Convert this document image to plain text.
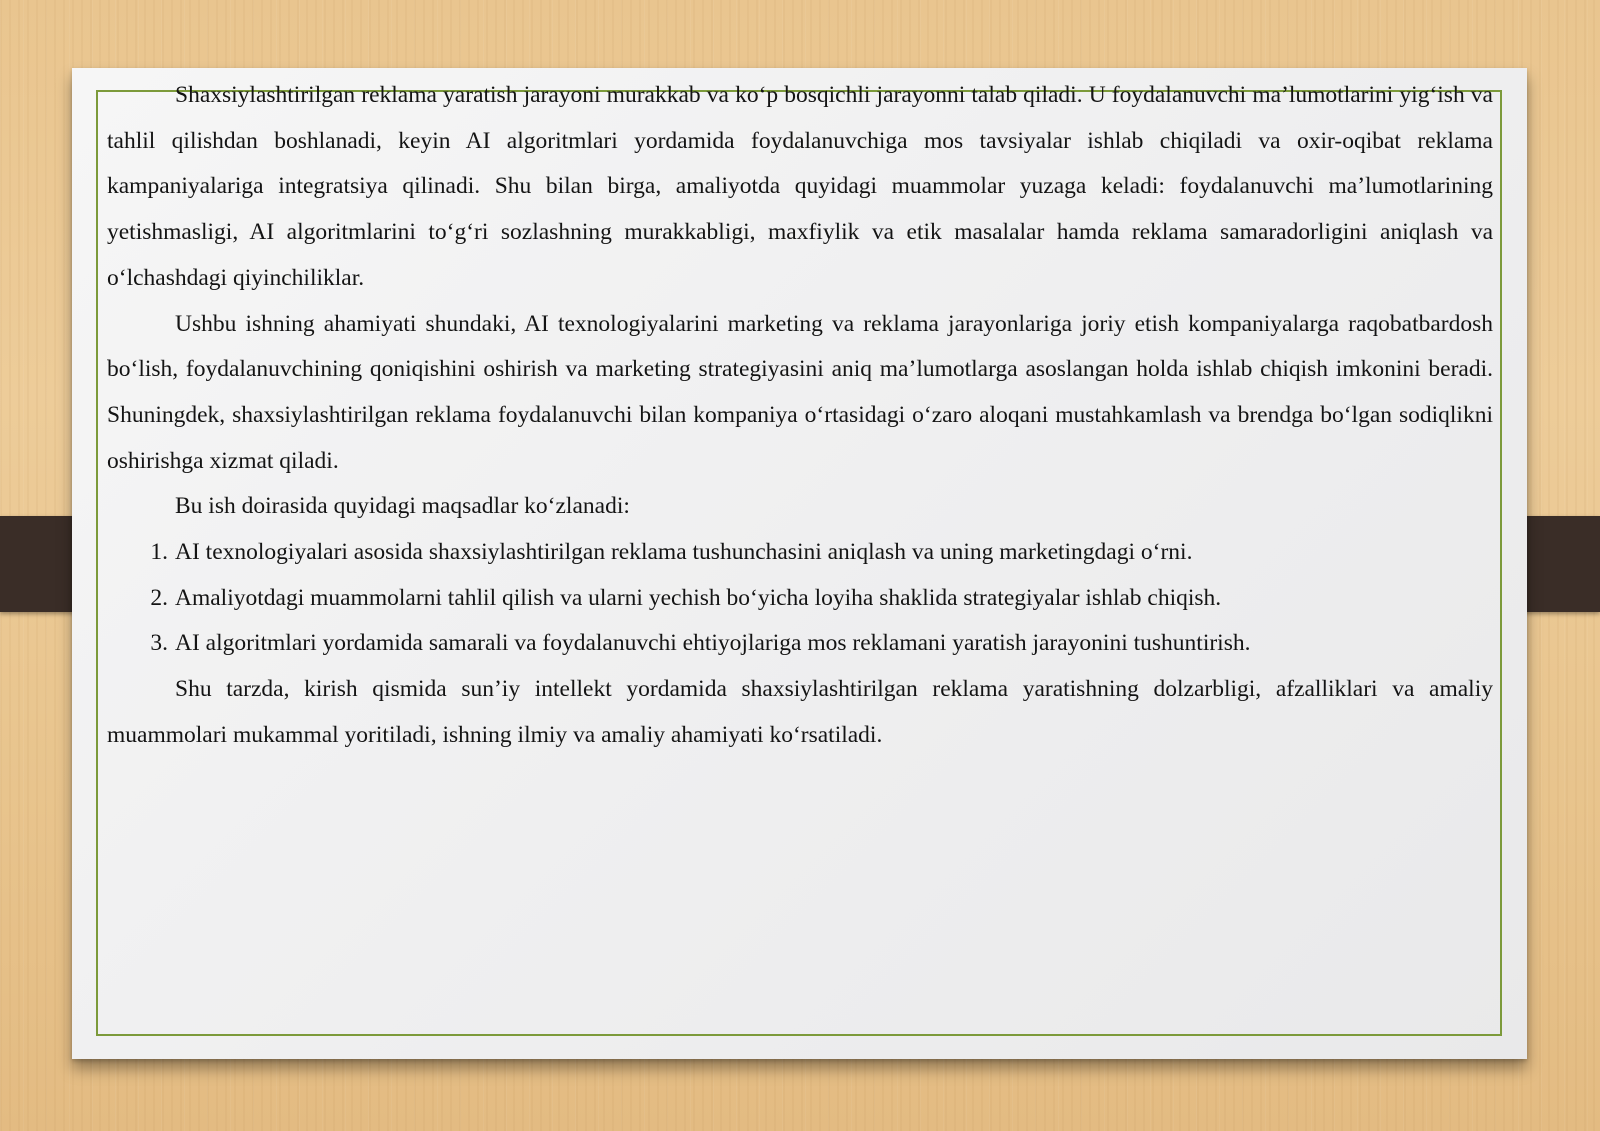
Shaxsiylashtirilgan reklama yaratish jarayoni murakkab va ko‘p bosqichli jarayonni talab qiladi. U foydalanuvchi ma’lumotlarini yig‘ish va tahlil qilishdan boshlanadi, keyin AI algoritmlari yordamida foydalanuvchiga mos tavsiyalar ishlab chiqiladi va oxir-oqibat reklama kampaniyalariga integratsiya qilinadi. Shu bilan birga, amaliyotda quyidagi muammolar yuzaga keladi: foydalanuvchi ma’lumotlarining yetishmasligi, AI algoritmlarini to‘g‘ri sozlashning murakkabligi, maxfiylik va etik masalalar hamda reklama samaradorligini aniqlash va o‘lchashdagi qiyinchiliklar.

Ushbu ishning ahamiyati shundaki, AI texnologiyalarini marketing va reklama jarayonlariga joriy etish kompaniyalarga raqobatbardosh bo‘lish, foydalanuvchining qoniqishini oshirish va marketing strategiyasini aniq ma’lumotlarga asoslangan holda ishlab chiqish imkonini beradi. Shuningdek, shaxsiylashtirilgan reklama foydalanuvchi bilan kompaniya o‘rtasidagi o‘zaro aloqani mustahkamlash va brendga bo‘lgan sodiqlikni oshirishga xizmat qiladi.

Bu ish doirasida quyidagi maqsadlar ko‘zlanadi:

1. AI texnologiyalari asosida shaxsiylashtirilgan reklama tushunchasini aniqlash va uning marketingdagi o‘rni.
2. Amaliyotdagi muammolarni tahlil qilish va ularni yechish bo‘yicha loyiha shaklida strategiyalar ishlab chiqish.
3. AI algoritmlari yordamida samarali va foydalanuvchi ehtiyojlariga mos reklamani yaratish jarayonini tushuntirish.

Shu tarzda, kirish qismida sun’iy intellekt yordamida shaxsiylashtirilgan reklama yaratishning dolzarbligi, afzalliklari va amaliy muammolari mukammal yoritiladi, ishning ilmiy va amaliy ahamiyati ko‘rsatiladi.
